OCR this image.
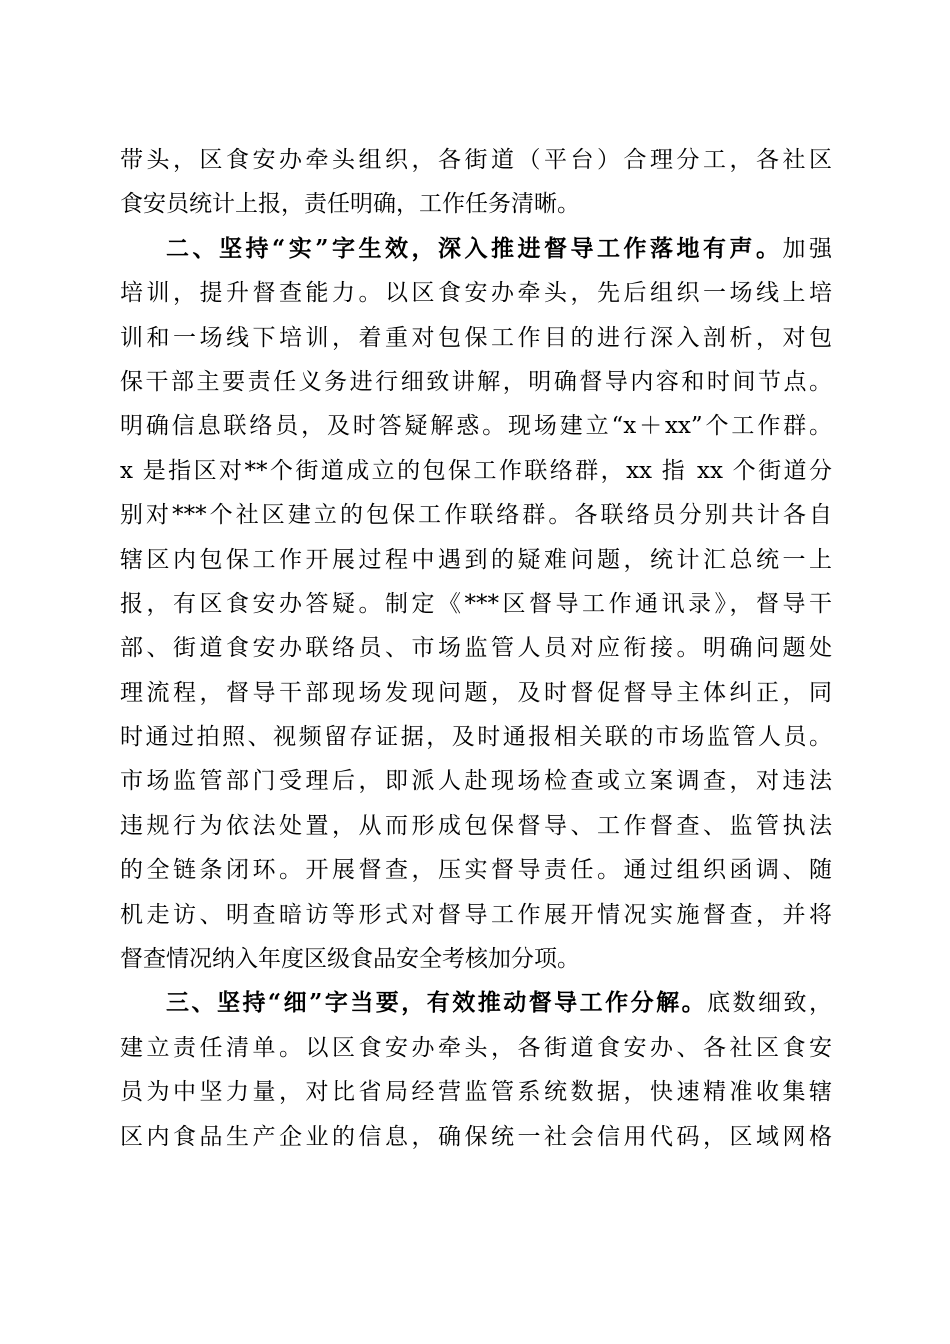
带头，区食安办牵头组织，各街道（平台）合理分工，各社区
食安员统计上报，责任明确，工作任务清晰。
二、坚持“实”字生效，深入推进督导工作落地有声。加强
培训，提升督查能力。以区食安办牵头，先后组织一场线上培
训和一场线下培训，着重对包保工作目的进行深入剖析，对包
保干部主要责任义务进行细致讲解，明确督导内容和时间节点。
明确信息联络员，及时答疑解惑。现场建立“x＋xx”个工作群。
x 是指区对**个街道成立的包保工作联络群，xx 指 xx 个街道分
别对***个社区建立的包保工作联络群。各联络员分别共计各自
辖区内包保工作开展过程中遇到的疑难问题，统计汇总统一上
报，有区食安办答疑。制定《***区督导工作通讯录》，督导干
部、街道食安办联络员、市场监管人员对应衔接。明确问题处
理流程，督导干部现场发现问题，及时督促督导主体纠正，同
时通过拍照、视频留存证据，及时通报相关联的市场监管人员。
市场监管部门受理后，即派人赴现场检查或立案调查，对违法
违规行为依法处置，从而形成包保督导、工作督查、监管执法
的全链条闭环。开展督查，压实督导责任。通过组织函调、随
机走访、明查暗访等形式对督导工作展开情况实施督查，并将
督查情况纳入年度区级食品安全考核加分项。
三、坚持“细”字当要，有效推动督导工作分解。底数细致，
建立责任清单。以区食安办牵头，各街道食安办、各社区食安
员为中坚力量，对比省局经营监管系统数据，快速精准收集辖
区内食品生产企业的信息，确保统一社会信用代码，区域网格
